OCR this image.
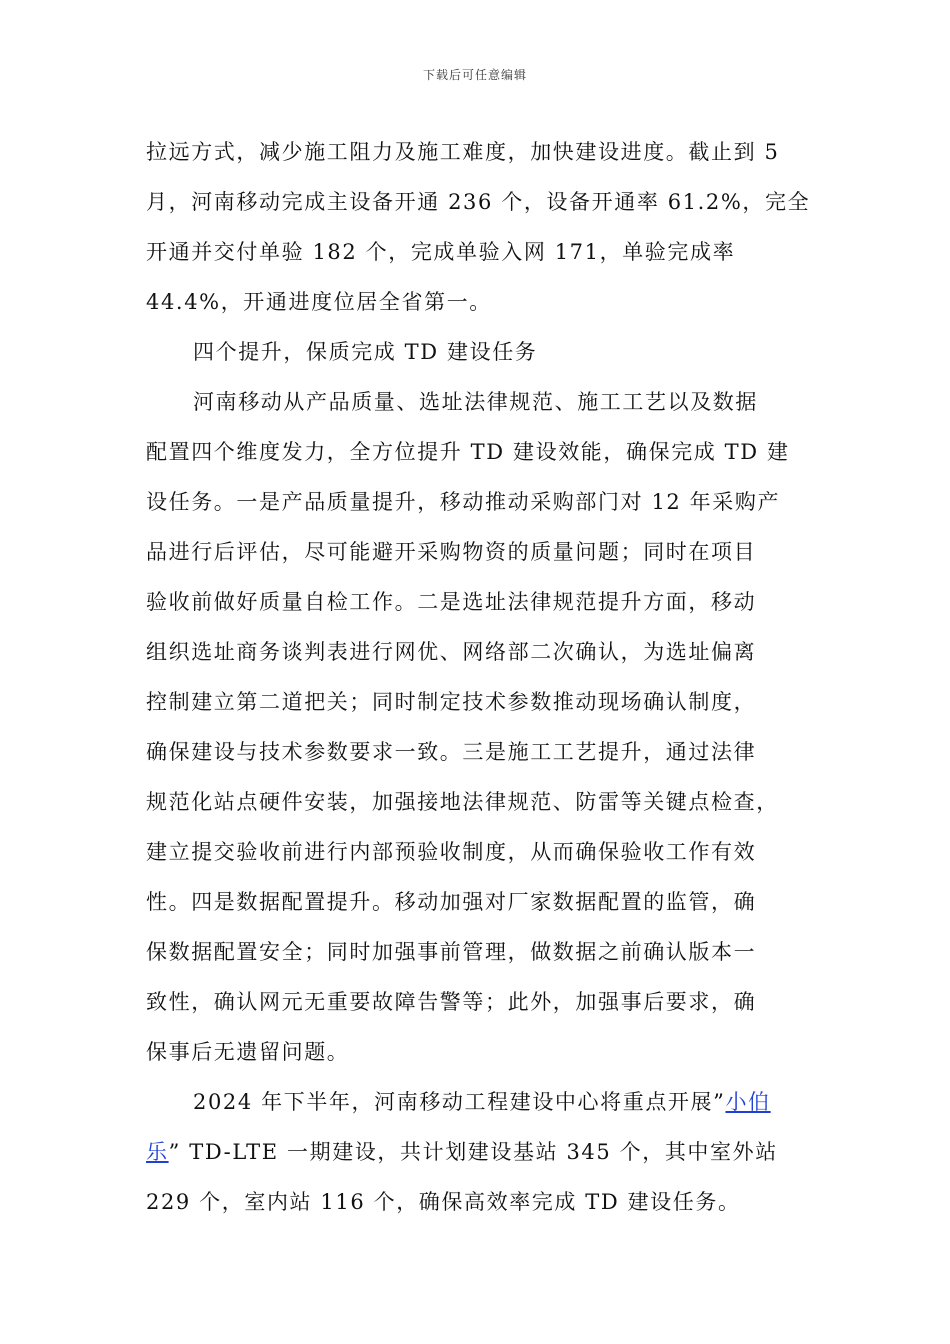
下载后可任意编辑
拉远方式，减少施工阻力及施工难度，加快建设进度。截止到 5
月，河南移动完成主设备开通 236 个，设备开通率 61.2%，完全
开通并交付单验 182 个，完成单验入网 171，单验完成率
44.4%，开通进度位居全省第一。
四个提升，保质完成 TD 建设任务
河南移动从产品质量、选址法律规范、施工工艺以及数据
配置四个维度发力，全方位提升 TD 建设效能，确保完成 TD 建
设任务。一是产品质量提升，移动推动采购部门对 12 年采购产
品进行后评估，尽可能避开采购物资的质量问题；同时在项目
验收前做好质量自检工作。二是选址法律规范提升方面，移动
组织选址商务谈判表进行网优、网络部二次确认，为选址偏离
控制建立第二道把关；同时制定技术参数推动现场确认制度，
确保建设与技术参数要求一致。三是施工工艺提升，通过法律
规范化站点硬件安装，加强接地法律规范、防雷等关键点检查，
建立提交验收前进行内部预验收制度，从而确保验收工作有效
性。四是数据配置提升。移动加强对厂家数据配置的监管，确
保数据配置安全；同时加强事前管理，做数据之前确认版本一
致性，确认网元无重要故障告警等；此外，加强事后要求，确
保事后无遗留问题。
2024 年下半年，河南移动工程建设中心将重点开展”小伯
乐” TD-LTE 一期建设，共计划建设基站 345 个，其中室外站
229 个，室内站 116 个，确保高效率完成 TD 建设任务。
